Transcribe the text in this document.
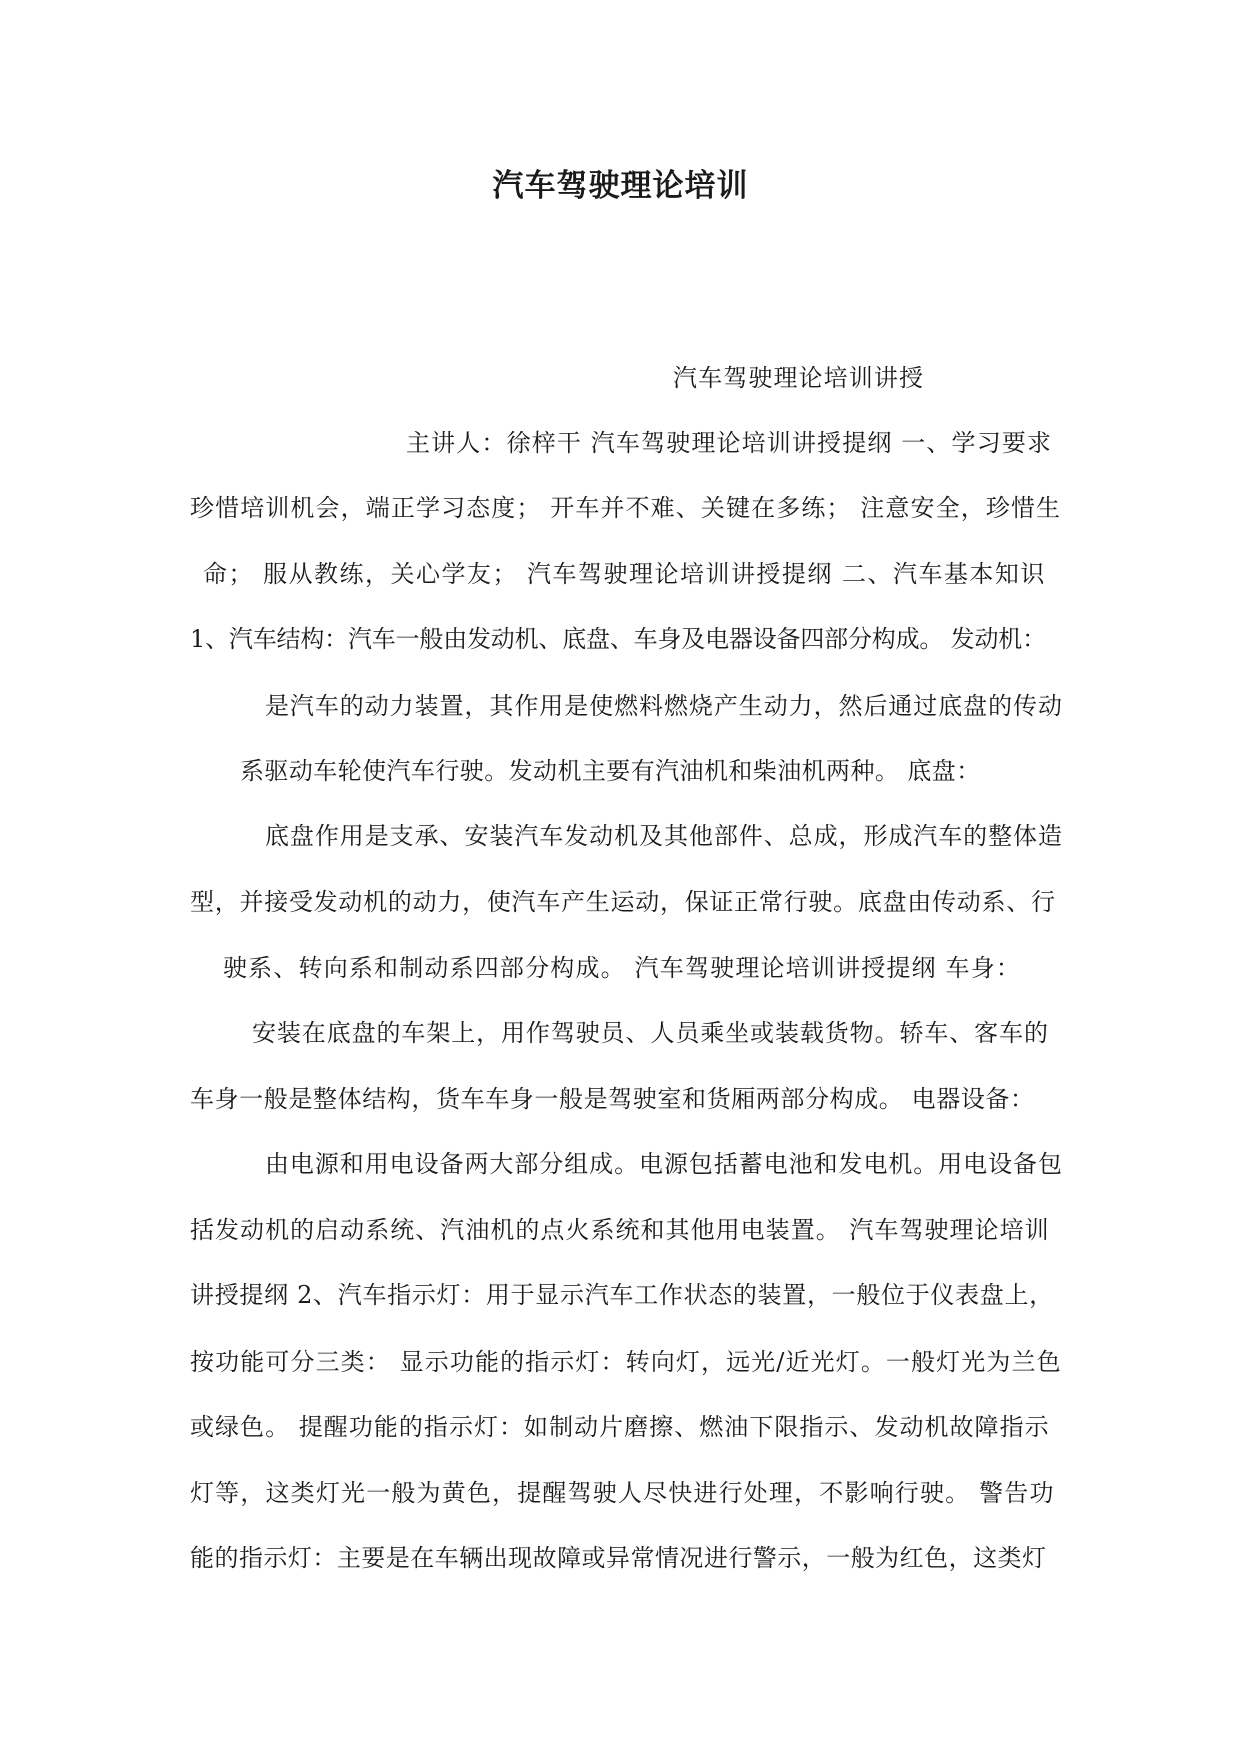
汽车驾驶理论培训
汽车驾驶理论培训讲授
主讲人：徐梓干 汽车驾驶理论培训讲授提纲 一、学习要求
珍惜培训机会，端正学习态度； 开车并不难、关键在多练； 注意安全，珍惜生
命； 服从教练，关心学友； 汽车驾驶理论培训讲授提纲 二、汽车基本知识
1、汽车结构：汽车一般由发动机、底盘、车身及电器设备四部分构成。 发动机：
是汽车的动力装置，其作用是使燃料燃烧产生动力，然后通过底盘的传动
系驱动车轮使汽车行驶。发动机主要有汽油机和柴油机两种。 底盘：
底盘作用是支承、安装汽车发动机及其他部件、总成，形成汽车的整体造
型，并接受发动机的动力，使汽车产生运动，保证正常行驶。底盘由传动系、行
驶系、转向系和制动系四部分构成。 汽车驾驶理论培训讲授提纲 车身：
安装在底盘的车架上，用作驾驶员、人员乘坐或装载货物。轿车、客车的
车身一般是整体结构，货车车身一般是驾驶室和货厢两部分构成。 电器设备：
由电源和用电设备两大部分组成。电源包括蓄电池和发电机。用电设备包
括发动机的启动系统、汽油机的点火系统和其他用电装置。 汽车驾驶理论培训
讲授提纲 2、汽车指示灯：用于显示汽车工作状态的装置，一般位于仪表盘上，
按功能可分三类： 显示功能的指示灯：转向灯，远光/近光灯。一般灯光为兰色
或绿色。 提醒功能的指示灯：如制动片磨擦、燃油下限指示、发动机故障指示
灯等，这类灯光一般为黄色，提醒驾驶人尽快进行处理，不影响行驶。 警告功
能的指示灯：主要是在车辆出现故障或异常情况进行警示，一般为红色，这类灯
